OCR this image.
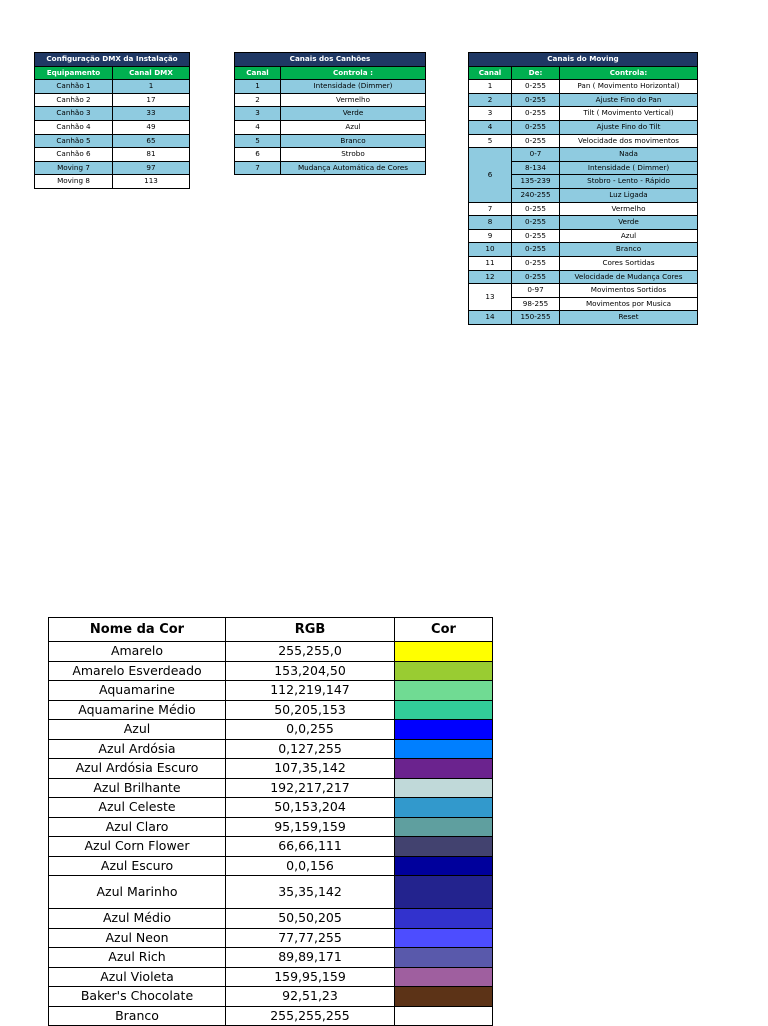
Configuração DMX da Instalação	
Equipamento	Canal DMX
Canhão 1	1
Canhão 2	17
Canhão 3	33
Canhão 4	49
Canhão 5	65
Canhão 6	81
Moving 7	97
Moving 8	113
Canais dos Canhões	
Canal	Controla :
1	Intensidade (Dimmer)
2	Vermelho
3	Verde
4	Azul
5	Branco
6	Strobo
7	Mudança Automática de Cores
Canais do Moving		
Canal	De:	Controla:
1	0-255	Pan ( Movimento Horizontal)
2	0-255	Ajuste Fino do Pan
3	0-255	Tilt ( Movimento Vertical)
4	0-255	Ajuste Fino do Tilt
5	0-255	Velocidade dos movimentos
6	0-7	Nada
	8-134	Intensidade ( Dimmer)
	135-239	Stobro - Lento - Rápido
	240-255	Luz Ligada
7	0-255	Vermelho
8	0-255	Verde
9	0-255	Azul
10	0-255	Branco
11	0-255	Cores Sortidas
12	0-255	Velocidade de Mudança Cores
13	0-97	Movimentos Sortidos
	98-255	Movimentos por Musica
14	150-255	Reset
Nome da Cor	RGB	Cor
Amarelo	255,255,0	
Amarelo Esverdeado	153,204,50	
Aquamarine	112,219,147	
Aquamarine Médio	50,205,153	
Azul	0,0,255	
Azul Ardósia	0,127,255	
Azul Ardósia Escuro	107,35,142	
Azul Brilhante	192,217,217	
Azul Celeste	50,153,204	
Azul Claro	95,159,159	
Azul Corn Flower	66,66,111	
Azul Escuro	0,0,156	
Azul Marinho	35,35,142	
Azul Médio	50,50,205	
Azul Neon	77,77,255	
Azul Rich	89,89,171	
Azul Violeta	159,95,159	
Baker's Chocolate	92,51,23	
Branco	255,255,255	
